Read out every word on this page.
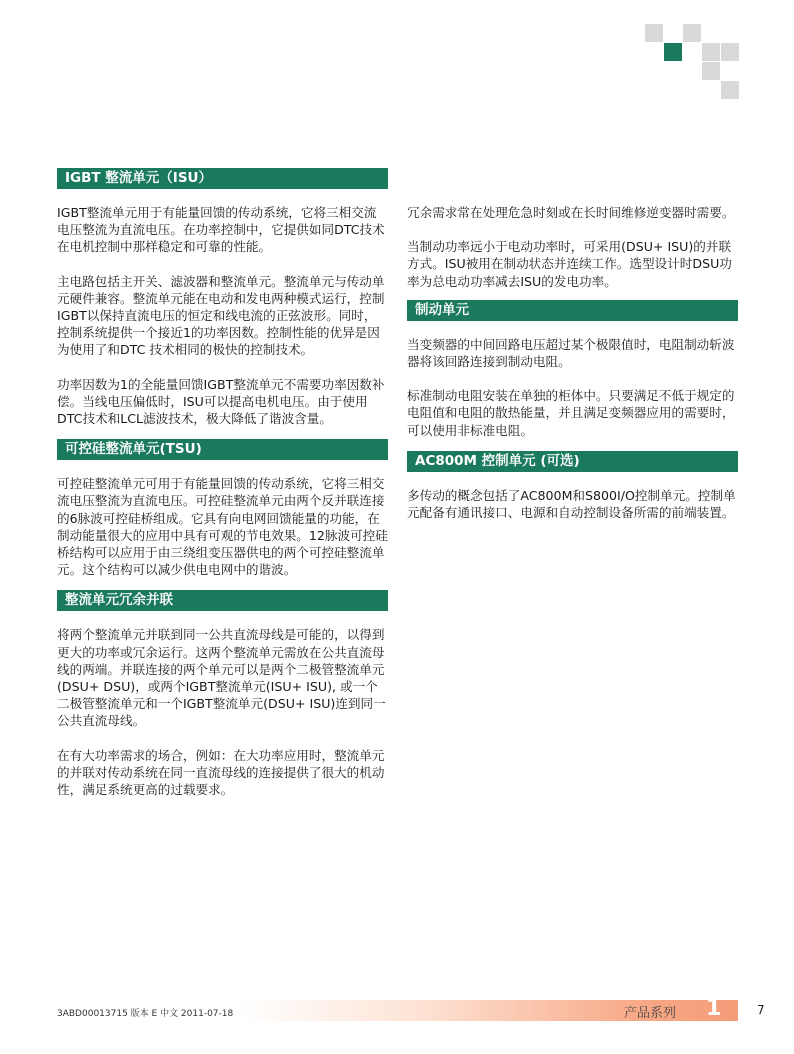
IGBT 整流单元（ISU）

IGBT整流单元用于有能量回馈的传动系统，它将三相交流电压整流为直流电压。在功率控制中，它提供如同DTC技术在电机控制中那样稳定和可靠的性能。

主电路包括主开关、滤波器和整流单元。整流单元与传动单元硬件兼容。整流单元能在电动和发电两种模式运行，控制IGBT以保持直流电压的恒定和线电流的正弦波形。同时，控制系统提供一个接近1的功率因数。控制性能的优异是因为使用了和DTC 技术相同的极快的控制技术。

功率因数为1的全能量回馈IGBT整流单元不需要功率因数补偿。当线电压偏低时，ISU可以提高电机电压。由于使用DTC技术和LCL滤波技术，极大降低了谐波含量。

可控硅整流单元(TSU)

可控硅整流单元可用于有能量回馈的传动系统，它将三相交流电压整流为直流电压。可控硅整流单元由两个反并联连接的6脉波可控硅桥组成。它具有向电网回馈能量的功能，在制动能量很大的应用中具有可观的节电效果。12脉波可控硅桥结构可以应用于由三绕组变压器供电的两个可控硅整流单元。这个结构可以减少供电电网中的谐波。

整流单元冗余并联

将两个整流单元并联到同一公共直流母线是可能的，以得到更大的功率或冗余运行。这两个整流单元需放在公共直流母线的两端。并联连接的两个单元可以是两个二极管整流单元(DSU+ DSU)，或两个IGBT整流单元(ISU+ ISU), 或一个二极管整流单元和一个IGBT整流单元(DSU+ ISU)连到同一公共直流母线。

在有大功率需求的场合，例如：在大功率应用时，整流单元的并联对传动系统在同一直流母线的连接提供了很大的机动性，满足系统更高的过载要求。

冗余需求常在处理危急时刻或在长时间维修逆变器时需要。

当制动功率远小于电动功率时，可采用(DSU+ ISU)的并联方式。ISU被用在制动状态并连续工作。选型设计时DSU功率为总电动功率减去ISU的发电功率。

制动单元

当变频器的中间回路电压超过某个极限值时，电阻制动斩波器将该回路连接到制动电阻。

标准制动电阻安装在单独的柜体中。只要满足不低于规定的电阻值和电阻的散热能量，并且满足变频器应用的需要时，可以使用非标准电阻。

AC800M 控制单元 (可选)

多传动的概念包括了AC800M和S800I/O控制单元。控制单元配备有通讯接口、电源和自动控制设备所需的前端装置。

3ABD00013715 版本 E 中文 2011-07-18	产品系列 1	7
